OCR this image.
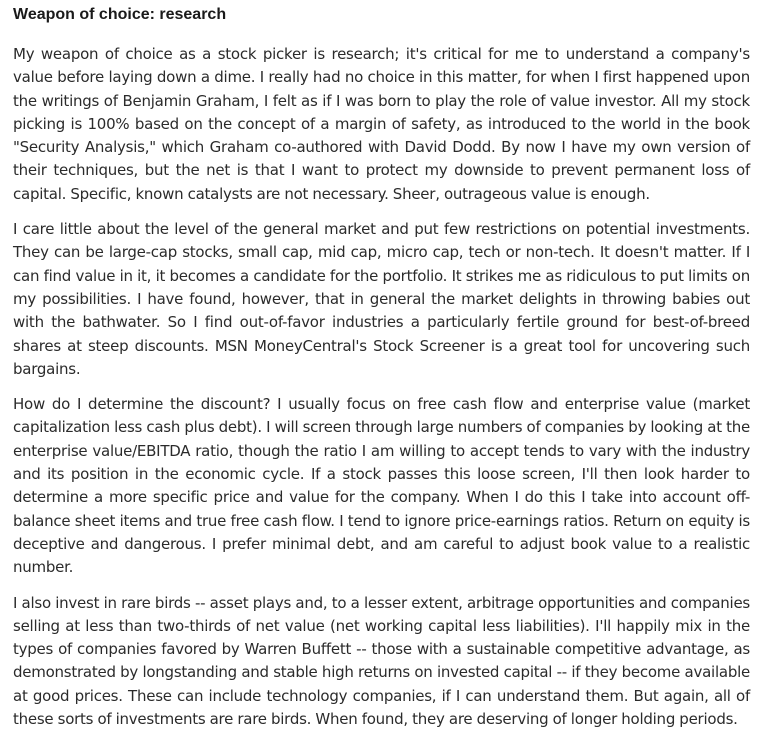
Weapon of choice: research

My weapon of choice as a stock picker is research; it's critical for me to understand a company's value before laying down a dime. I really had no choice in this matter, for when I first happened upon the writings of Benjamin Graham, I felt as if I was born to play the role of value investor. All my stock picking is 100% based on the concept of a margin of safety, as introduced to the world in the book "Security Analysis," which Graham co-authored with David Dodd. By now I have my own version of their techniques, but the net is that I want to protect my downside to prevent permanent loss of capital. Specific, known catalysts are not necessary. Sheer, outrageous value is enough.

I care little about the level of the general market and put few restrictions on potential investments. They can be large-cap stocks, small cap, mid cap, micro cap, tech or non-tech. It doesn't matter. If I can find value in it, it becomes a candidate for the portfolio. It strikes me as ridiculous to put limits on my possibilities. I have found, however, that in general the market delights in throwing babies out with the bathwater. So I find out-of-favor industries a particularly fertile ground for best-of-breed shares at steep discounts. MSN MoneyCentral's Stock Screener is a great tool for uncovering such bargains.

How do I determine the discount? I usually focus on free cash flow and enterprise value (market capitalization less cash plus debt). I will screen through large numbers of companies by looking at the enterprise value/EBITDA ratio, though the ratio I am willing to accept tends to vary with the industry and its position in the economic cycle. If a stock passes this loose screen, I'll then look harder to determine a more specific price and value for the company. When I do this I take into account off-balance sheet items and true free cash flow. I tend to ignore price-earnings ratios. Return on equity is deceptive and dangerous. I prefer minimal debt, and am careful to adjust book value to a realistic number.

I also invest in rare birds -- asset plays and, to a lesser extent, arbitrage opportunities and companies selling at less than two-thirds of net value (net working capital less liabilities). I'll happily mix in the types of companies favored by Warren Buffett -- those with a sustainable competitive advantage, as demonstrated by longstanding and stable high returns on invested capital -- if they become available at good prices. These can include technology companies, if I can understand them. But again, all of these sorts of investments are rare birds. When found, they are deserving of longer holding periods.
